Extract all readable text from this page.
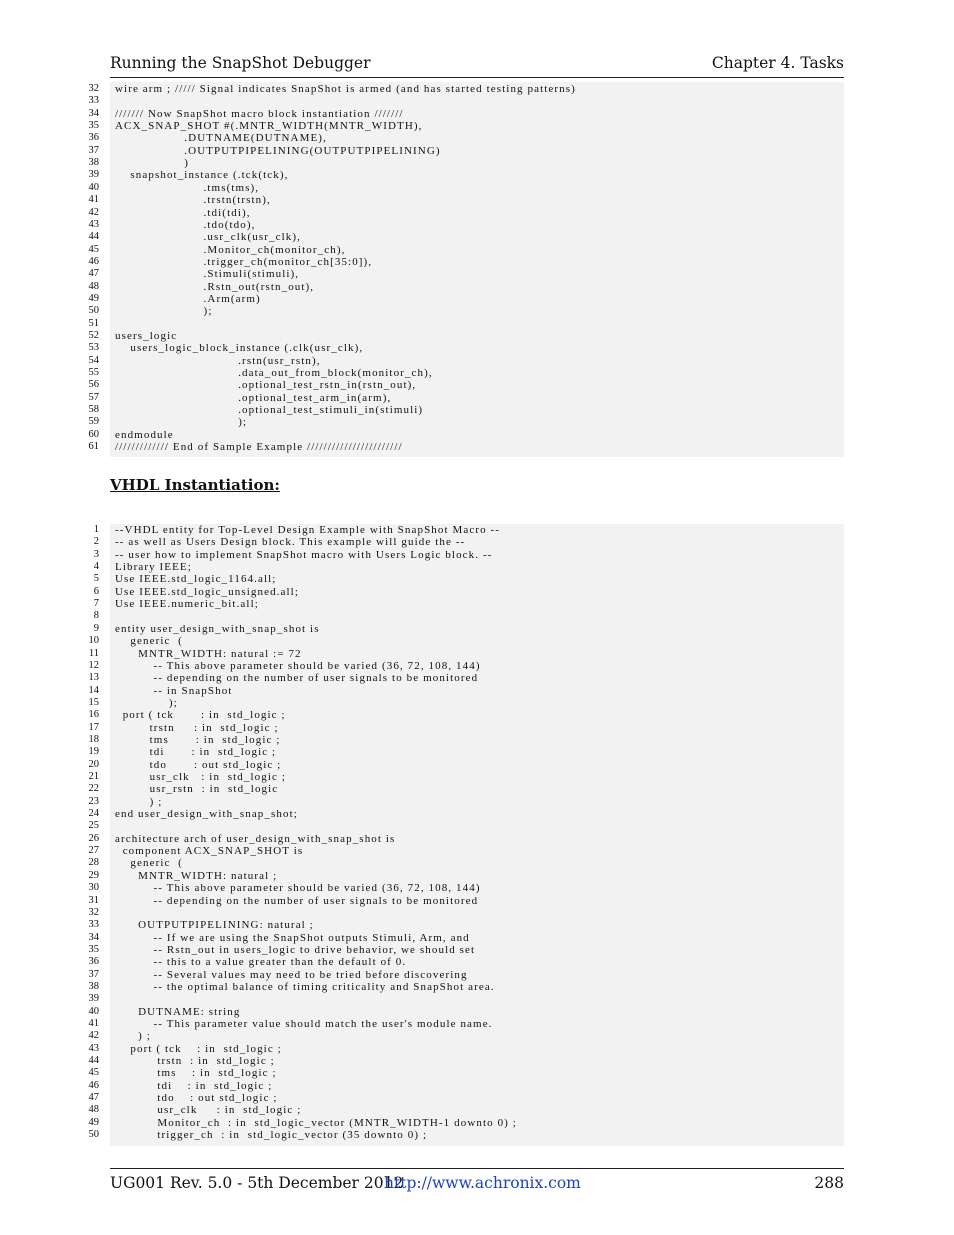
Running the SnapShot Debugger	Chapter 4. Tasks
32 wire arm ; ///// Signal indicates SnapShot is armed (and has started testing patterns)
33
34 /////// Now SnapShot macro block instantiation ///////
35 ACX_SNAP_SHOT #(.MNTR_WIDTH(MNTR_WIDTH),
36 .DUTNAME(DUTNAME),
37 .OUTPUTPIPELINING(OUTPUTPIPELINING)
38 )
39 snapshot_instance (.tck(tck),
40 .tms(tms),
41 .trstn(trstn),
42 .tdi(tdi),
43 .tdo(tdo),
44 .usr_clk(usr_clk),
45 .Monitor_ch(monitor_ch),
46 .trigger_ch(monitor_ch[35:0]),
47 .Stimuli(stimuli),
48 .Rstn_out(rstn_out),
49 .Arm(arm)
50 );
51
52 users_logic
53 users_logic_block_instance (.clk(usr_clk),
54 .rstn(usr_rstn),
55 .data_out_from_block(monitor_ch),
56 .optional_test_rstn_in(rstn_out),
57 .optional_test_arm_in(arm),
58 .optional_test_stimuli_in(stimuli)
59 );
60 endmodule
61 ///////////// End of Sample Example ///////////////////////
VHDL Instantiation:
1 --VHDL entity for Top-Level Design Example with SnapShot Macro --
2 -- as well as Users Design block. This example will guide the --
3 -- user how to implement SnapShot macro with Users Logic block. --
4 Library IEEE;
5 Use IEEE.std_logic_1164.all;
6 Use IEEE.std_logic_unsigned.all;
7 Use IEEE.numeric_bit.all;
8
9 entity user_design_with_snap_shot is
10 generic  (
11 MNTR_WIDTH: natural := 72
12 -- This above parameter should be varied (36, 72, 108, 144)
13 -- depending on the number of user signals to be monitored
14 -- in SnapShot
15 );
16 port ( tck       : in  std_logic ;
17 trstn     : in  std_logic ;
18 tms       : in  std_logic ;
19 tdi       : in  std_logic ;
20 tdo       : out std_logic ;
21 usr_clk   : in  std_logic ;
22 usr_rstn  : in  std_logic
23 ) ;
24 end user_design_with_snap_shot;
25
26 architecture arch of user_design_with_snap_shot is
27 component ACX_SNAP_SHOT is
28 generic  (
29 MNTR_WIDTH: natural ;
30 -- This above parameter should be varied (36, 72, 108, 144)
31 -- depending on the number of user signals to be monitored
32
33 OUTPUTPIPELINING: natural ;
34 -- If we are using the SnapShot outputs Stimuli, Arm, and
35 -- Rstn_out in users_logic to drive behavior, we should set
36 -- this to a value greater than the default of 0.
37 -- Several values may need to be tried before discovering
38 -- the optimal balance of timing criticality and SnapShot area.
39
40 DUTNAME: string
41 -- This parameter value should match the user's module name.
42 ) ;
43 port ( tck    : in  std_logic ;
44 trstn  : in  std_logic ;
45 tms    : in  std_logic ;
46 tdi    : in  std_logic ;
47 tdo    : out std_logic ;
48 usr_clk     : in  std_logic ;
49 Monitor_ch  : in  std_logic_vector (MNTR_WIDTH-1 downto 0) ;
50 trigger_ch  : in  std_logic_vector (35 downto 0) ;
UG001 Rev. 5.0 - 5th December 2012
http://www.achronix.com	288
